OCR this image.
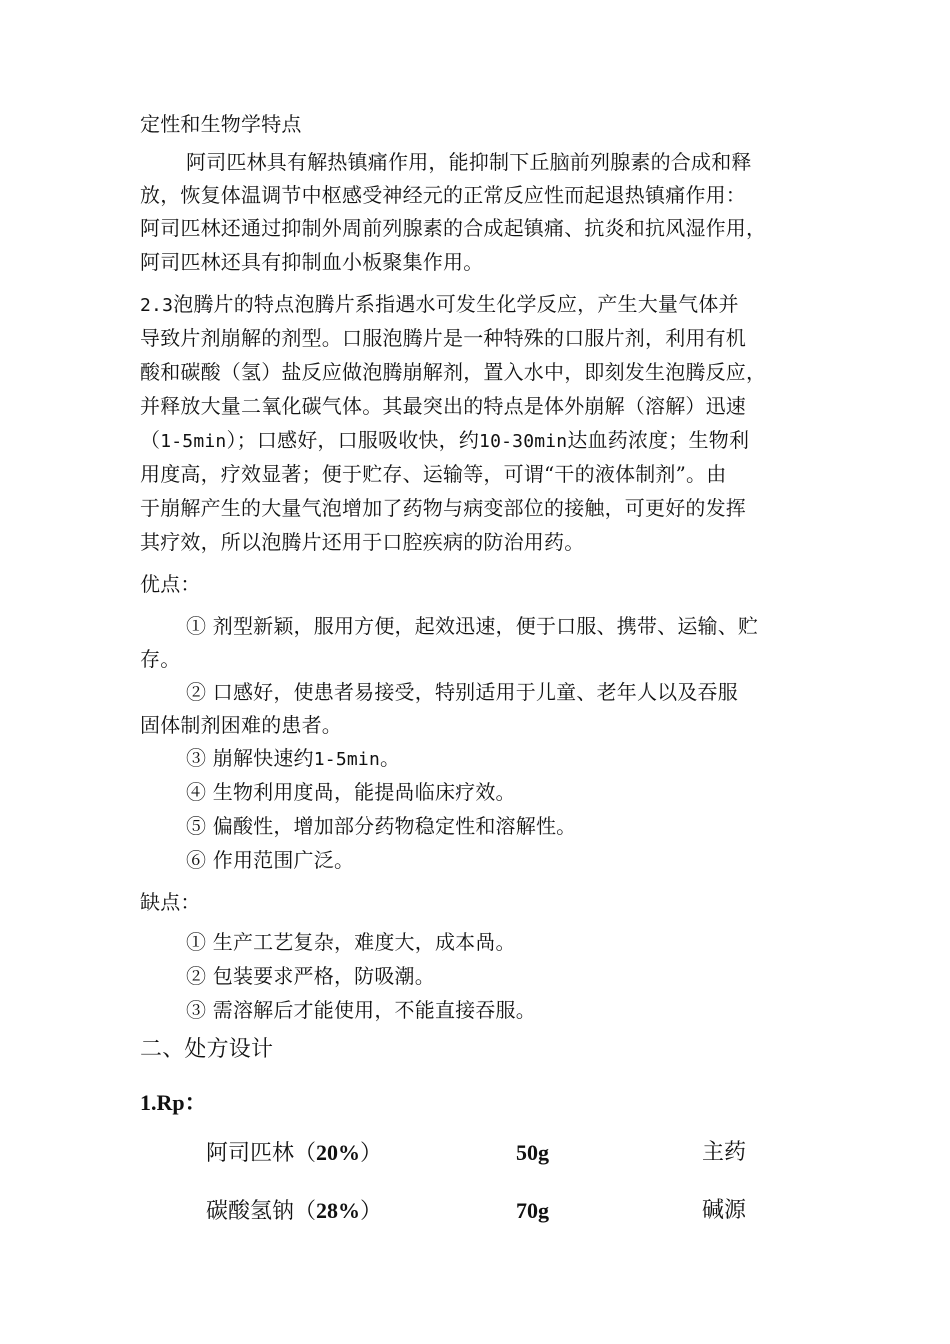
定性和生物学特点
阿司匹林具有解热镇痛作用，能抑制下丘脑前列腺素的合成和释
放，恢复体温调节中枢感受神经元的正常反应性而起退热镇痛作用：
阿司匹林还通过抑制外周前列腺素的合成起镇痛、抗炎和抗风湿作用，
阿司匹林还具有抑制血小板聚集作用。
2.3泡腾片的特点泡腾片系指遇水可发生化学反应，产生大量气体并
导致片剂崩解的剂型。口服泡腾片是一种特殊的口服片剂，利用有机
酸和碳酸（氢）盐反应做泡腾崩解剂，置入水中，即刻发生泡腾反应，
并释放大量二氧化碳气体。其最突出的特点是体外崩解（溶解）迅速
（1-5min）；口感好，口服吸收快，约10-30min达血药浓度；生物利
用度高，疗效显著；便于贮存、运输等，可谓“干的液体制剂”。由
于崩解产生的大量气泡增加了药物与病变部位的接触，可更好的发挥
其疗效，所以泡腾片还用于口腔疾病的防治用药。
优点：
① 剂型新颖，服用方便，起效迅速，便于口服、携带、运输、贮
存。
② 口感好，使患者易接受，特别适用于儿童、老年人以及吞服
固体制剂困难的患者。
③ 崩解快速约1-5min。
④ 生物利用度咼，能提咼临床疗效。
⑤ 偏酸性，增加部分药物稳定性和溶解性。
⑥ 作用范围广泛。
缺点：
① 生产工艺复杂，难度大，成本咼。
② 包装要求严格，防吸潮。
③ 需溶解后才能使用，不能直接吞服。
二、处方设计
1.Rp：
阿司匹林（20%）	50g	主药
碳酸氢钠（28%）	70g	碱源
